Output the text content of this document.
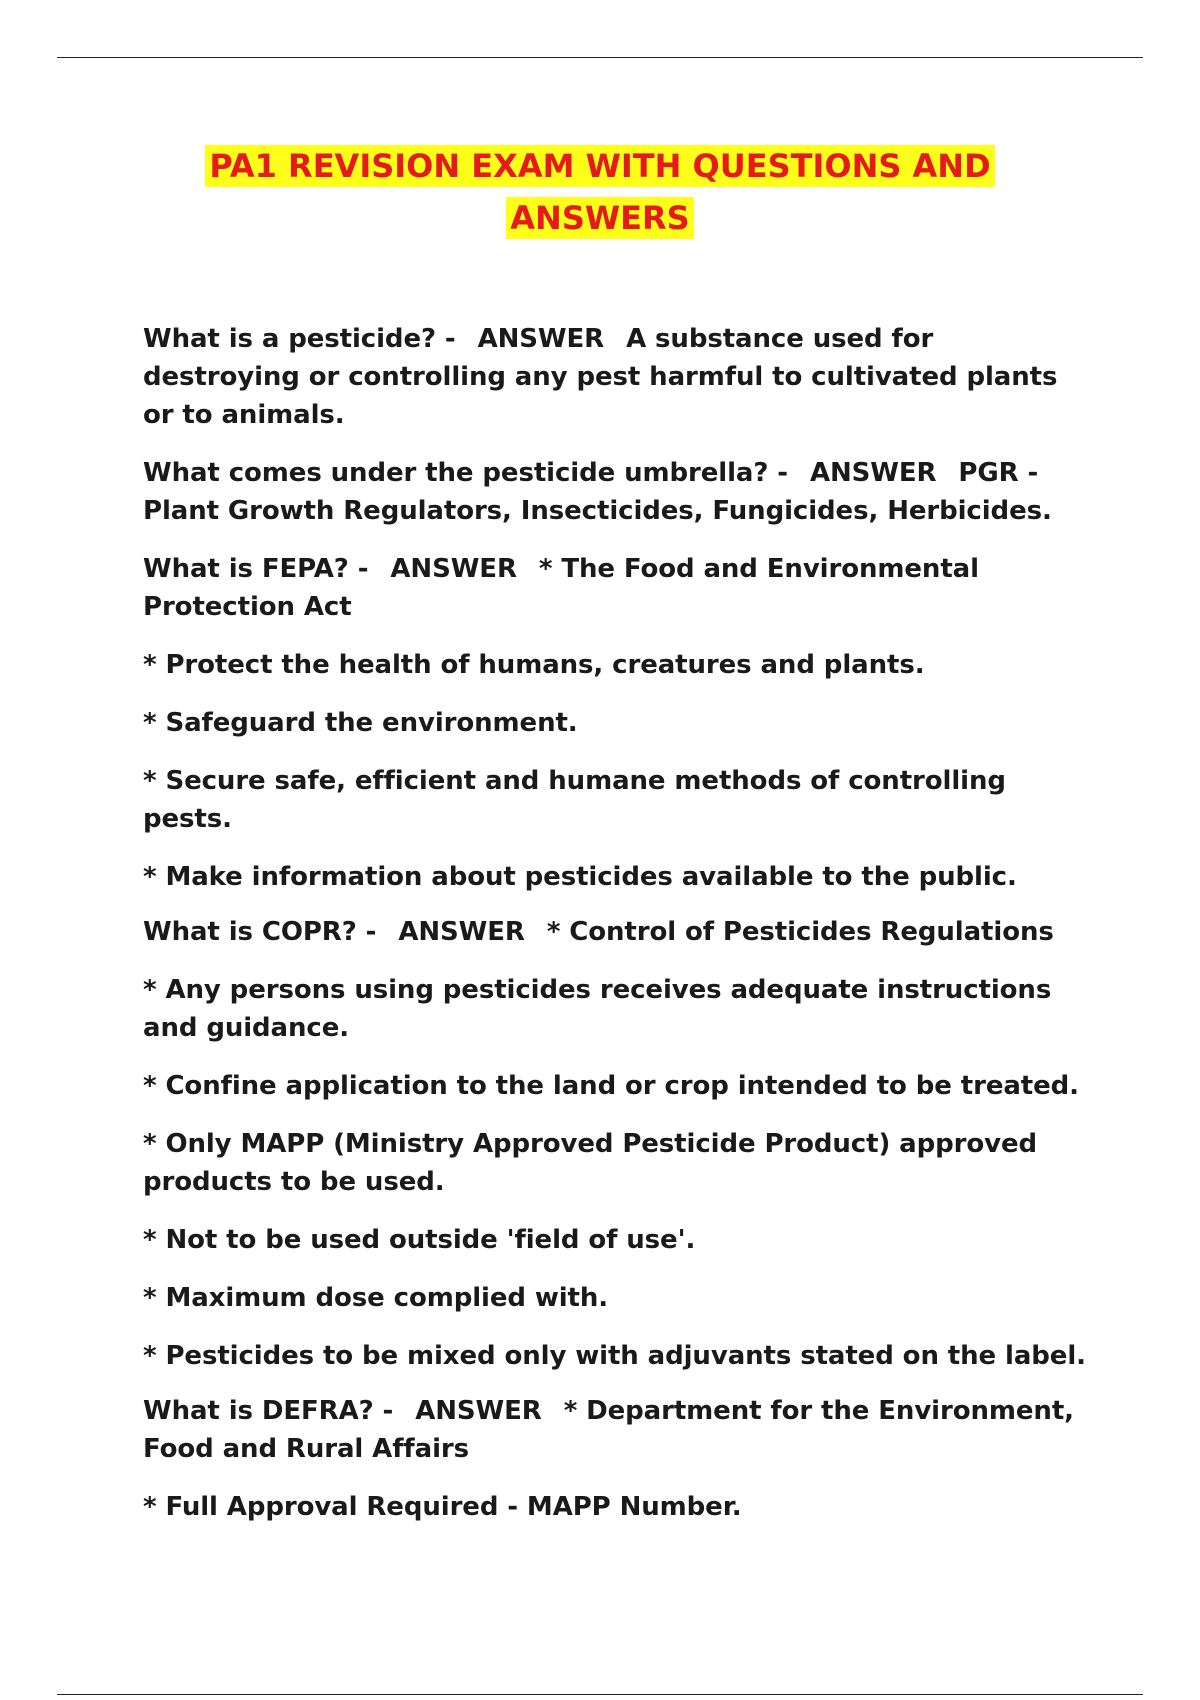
PA1 REVISION EXAM WITH QUESTIONS AND
ANSWERS

What is a pesticide? - ANSWER A substance used for destroying or controlling any pest harmful to cultivated plants or to animals.

What comes under the pesticide umbrella? - ANSWER PGR - Plant Growth Regulators, Insecticides, Fungicides, Herbicides.

What is FEPA? - ANSWER * The Food and Environmental Protection Act

* Protect the health of humans, creatures and plants.

* Safeguard the environment.

* Secure safe, efficient and humane methods of controlling pests.

* Make information about pesticides available to the public.

What is COPR? - ANSWER * Control of Pesticides Regulations

* Any persons using pesticides receives adequate instructions and guidance.

* Confine application to the land or crop intended to be treated.

* Only MAPP (Ministry Approved Pesticide Product) approved products to be used.

* Not to be used outside 'field of use'.

* Maximum dose complied with.

* Pesticides to be mixed only with adjuvants stated on the label.

What is DEFRA? - ANSWER * Department for the Environment, Food and Rural Affairs

* Full Approval Required - MAPP Number.
